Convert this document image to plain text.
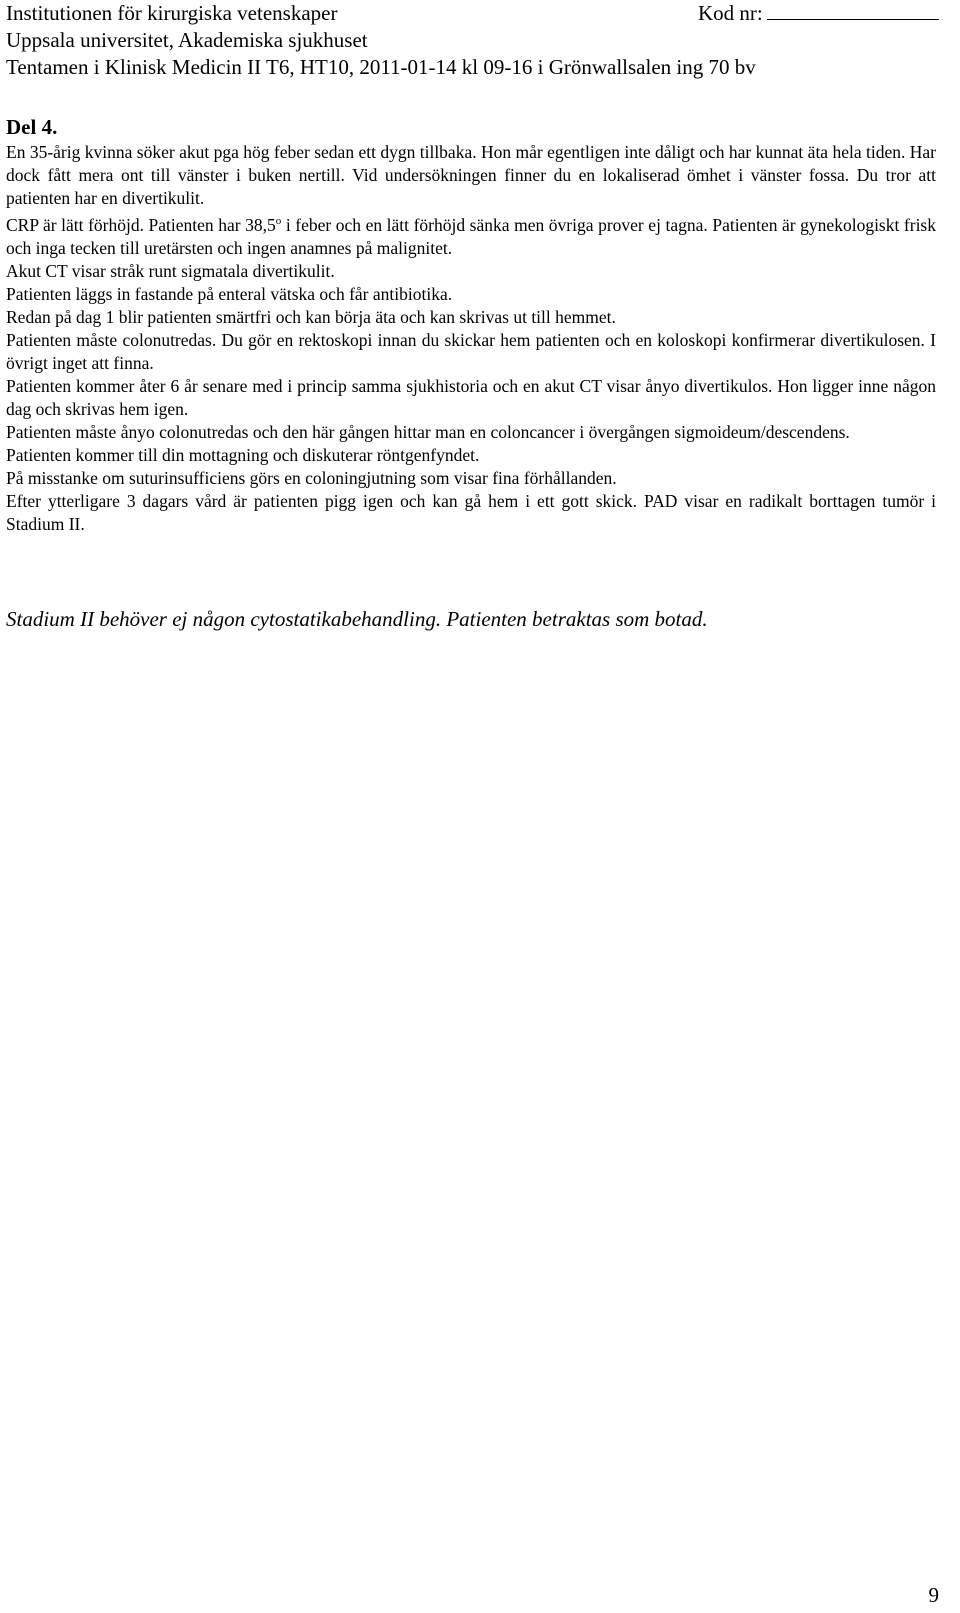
Institutionen för kirurgiska vetenskaper	Kod nr:
Uppsala universitet, Akademiska sjukhuset
Tentamen i Klinisk Medicin II T6, HT10, 2011-01-14 kl 09-16 i Grönwallsalen ing 70 bv
Del 4.

En 35-årig kvinna söker akut pga hög feber sedan ett dygn tillbaka. Hon mår egentligen inte dåligt och har kunnat äta hela tiden. Har dock fått mera ont till vänster i buken nertill. Vid undersökningen finner du en lokaliserad ömhet i vänster fossa. Du tror att patienten har en divertikulit.

CRP är lätt förhöjd. Patienten har 38,5$^o$ i feber och en lätt förhöjd sänka men övriga prover ej tagna. Patienten är gynekologiskt frisk och inga tecken till uretärsten och ingen anamnes på malignitet.

Akut CT visar stråk runt sigmatala divertikulit.

Patienten läggs in fastande på enteral vätska och får antibiotika.

Redan på dag 1 blir patienten smärtfri och kan börja äta och kan skrivas ut till hemmet.

Patienten måste colonutredas. Du gör en rektoskopi innan du skickar hem patienten och en koloskopi konfirmerar divertikulosen. I övrigt inget att finna.

Patienten kommer åter 6 år senare med i princip samma sjukhistoria och en akut CT visar ånyo divertikulos. Hon ligger inne någon dag och skrivas hem igen.

Patienten måste ånyo colonutredas och den här gången hittar man en coloncancer i övergången sigmoideum/descendens.

Patienten kommer till din mottagning och diskuterar röntgenfyndet.

På misstanke om suturinsufficiens görs en coloningjutning som visar fina förhållanden.

Efter ytterligare 3 dagars vård är patienten pigg igen och kan gå hem i ett gott skick. PAD visar en radikalt borttagen tumör i Stadium II.

Stadium II behöver ej någon cytostatikabehandling. Patienten betraktas som botad.
9
